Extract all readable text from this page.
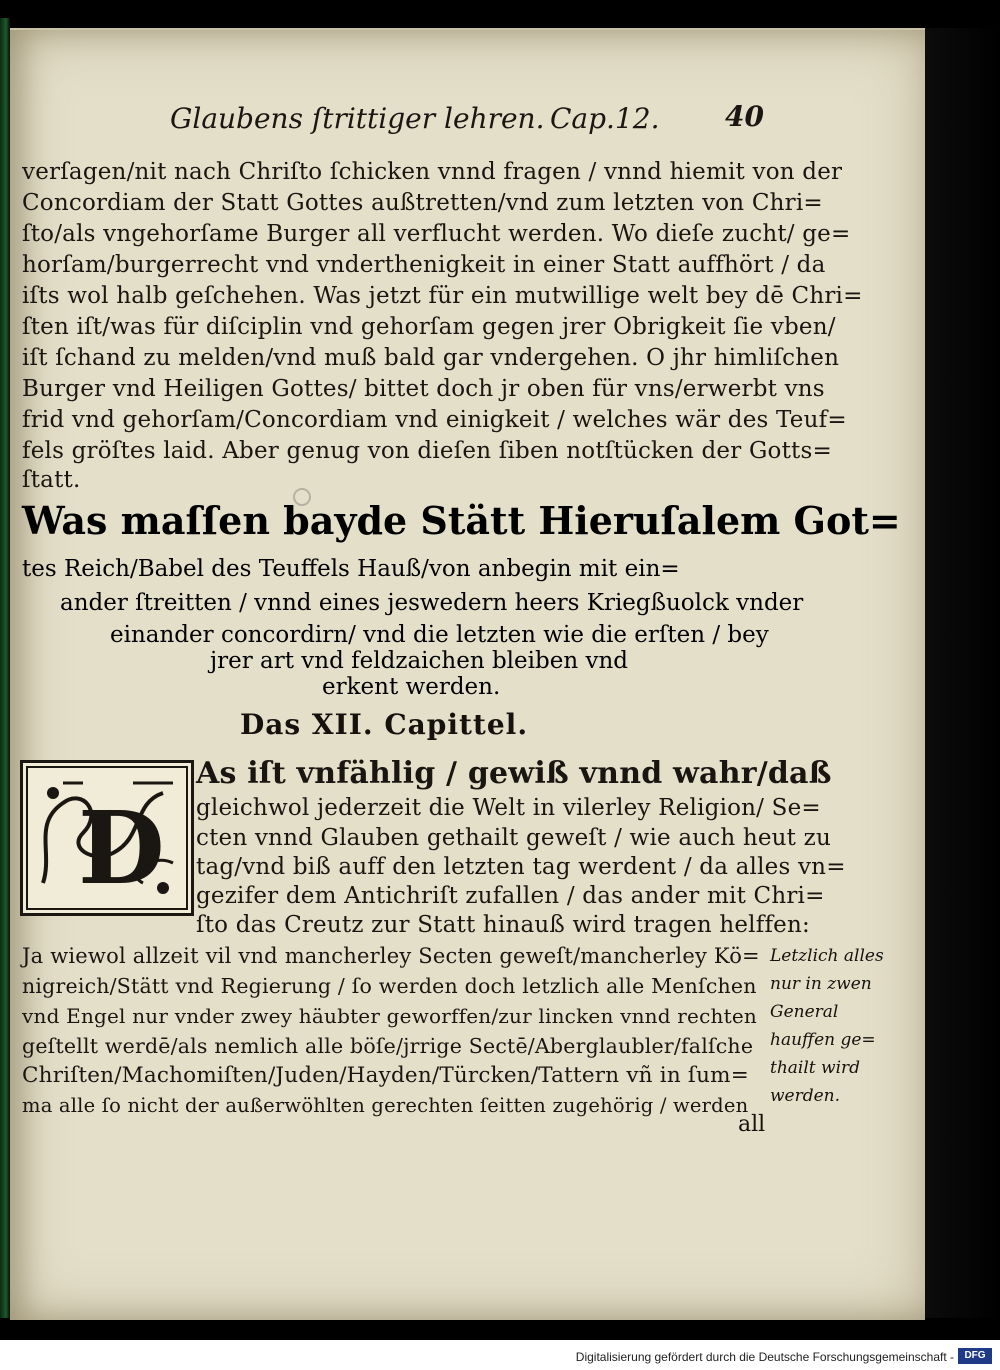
Glaubens ſtrittiger lehren. Cap.12. 40
verſagen/nit nach Chriſto ſchicken vnnd fragen / vnnd hiemit von der
Concordiam der Statt Gottes außtretten/vnd zum letzten von Chri=
ſto/als vngehorſame Burger all verflucht werden. Wo dieſe zucht/ ge=
horſam/burgerrecht vnd vnderthenigkeit in einer Statt auffhört / da
iſts wol halb geſchehen. Was jetzt für ein mutwillige welt bey dē Chri=
ſten iſt/was für diſciplin vnd gehorſam gegen jrer Obrigkeit ſie vben/
iſt ſchand zu melden/vnd muß bald gar vndergehen. O jhr himliſchen
Burger vnd Heiligen Gottes/ bittet doch jr oben für vns/erwerbt vns
frid vnd gehorſam/Concordiam vnd einigkeit / welches wär des Teuf=
fels gröſtes laid. Aber genug von dieſen ſiben notſtücken der Gotts=
ſtatt.
Was maſſen bayde Stätt Hieruſalem Got=
tes Reich/Babel des Teuffels Hauß/von anbegin mit ein=
ander ſtreitten / vnnd eines jeswedern heers Kriegßuolck vnder
einander concordirn/ vnd die letzten wie die erſten / bey
jrer art vnd feldzaichen bleiben vnd
erkent werden.
Das XII. Capittel.
D
As iſt vnfählig / gewiß vnnd wahr/daß
gleichwol jederzeit die Welt in vilerley Religion/ Se=
cten vnnd Glauben gethailt geweſt / wie auch heut zu
tag/vnd biß auff den letzten tag werdent / da alles vn=
gezifer dem Antichriſt zufallen / das ander mit Chri=
ſto das Creutz zur Statt hinauß wird tragen helffen:
Ja wiewol allzeit vil vnd mancherley Secten geweſt/mancherley Kö=
nigreich/Stätt vnd Regierung / ſo werden doch letzlich alle Menſchen
vnd Engel nur vnder zwey häubter geworffen/zur lincken vnnd rechten
geſtellt werdē/als nemlich alle böſe/jrrige Sectē/Aberglaubler/falſche
Chriſten/Machomiſten/Juden/Hayden/Türcken/Tattern vñ in ſum=
ma alle ſo nicht der außerwöhlten gerechten ſeitten zugehörig / werden
Letzlich alles
nur in zwen
General
hauffen ge=
thailt wird
werden.
all
Digitalisierung gefördert durch die Deutsche Forschungsgemeinschaft -	DFG
